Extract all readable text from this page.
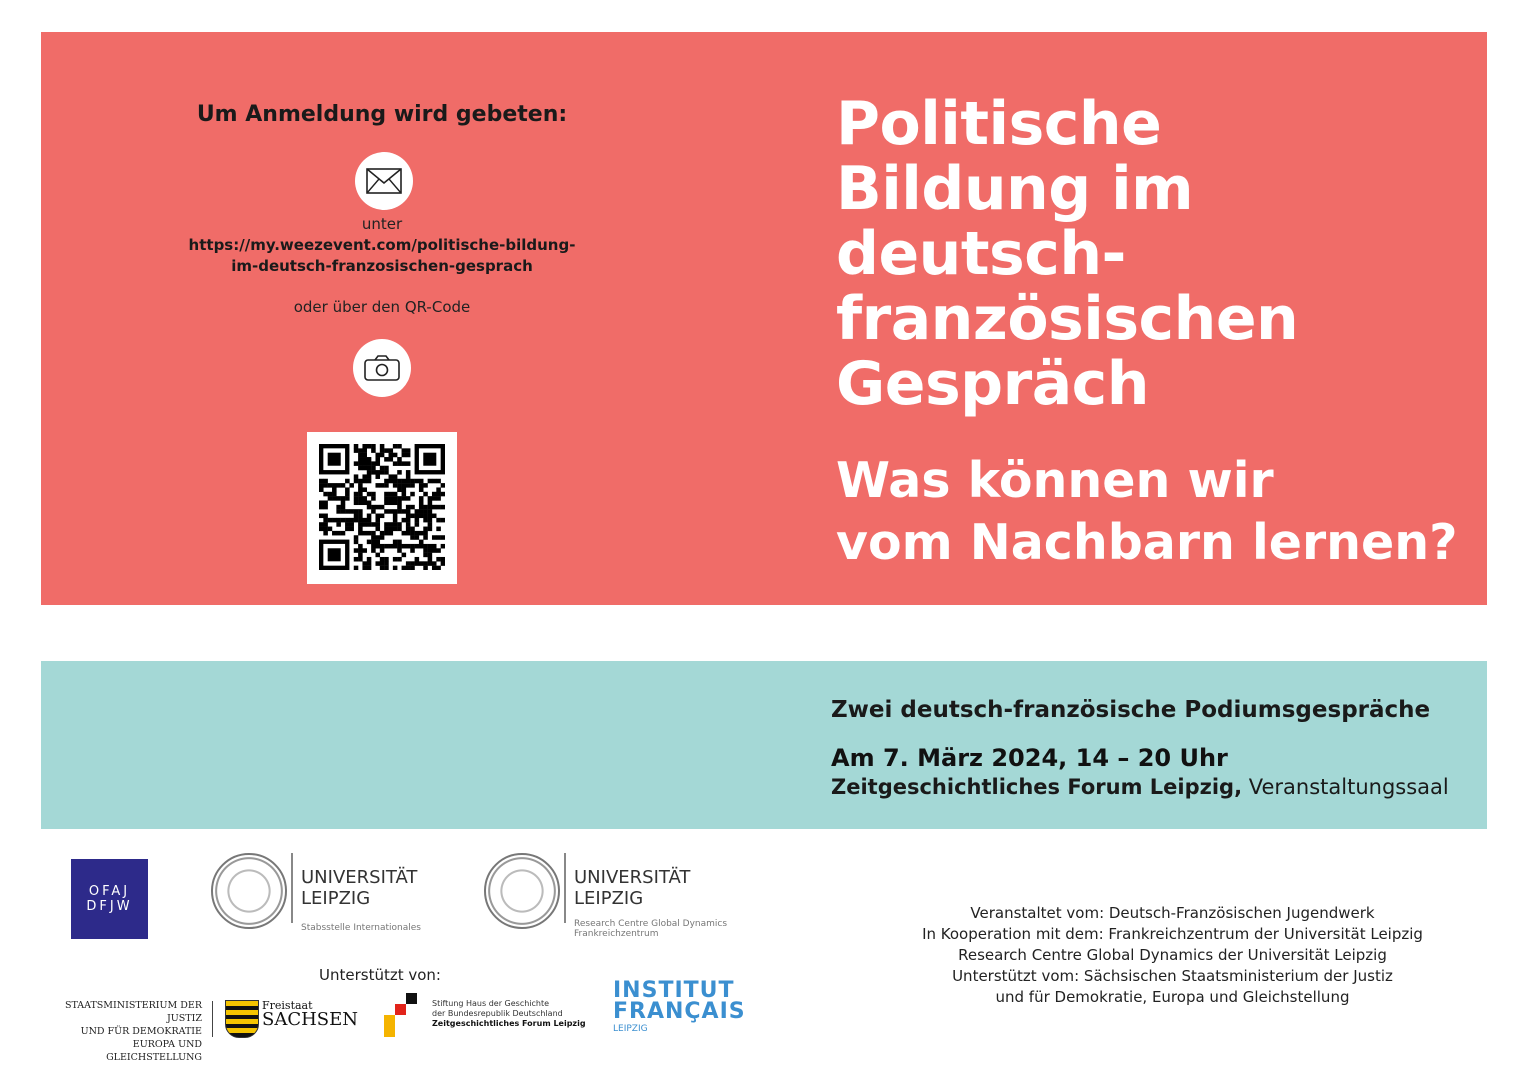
Um Anmeldung wird gebeten:
unter
https://my.weezevent.com/politische-bildung-
im-deutsch-franzosischen-gesprach
oder über den QR-Code
Politische
Bildung im
deutsch-
französischen
Gespräch
Was können wir
vom Nachbarn lernen?
Zwei deutsch-französische Podiumsgespräche
Am 7. März 2024, 14 – 20 Uhr
Zeitgeschichtliches Forum Leipzig, Veranstaltungssaal
OFAJ
DFJW
UNIVERSITÄT
LEIPZIG
Stabsstelle Internationales
UNIVERSITÄT
LEIPZIG
Research Centre Global Dynamics
Frankreichzentrum
Unterstützt von:
STAATSMINISTERIUM DER JUSTIZ
UND FÜR DEMOKRATIE
EUROPA UND GLEICHSTELLUNG
Freistaat
SACHSEN
Stiftung Haus der Geschichte
der Bundesrepublik Deutschland
Zeitgeschichtliches Forum Leipzig
INSTITUT
FRANÇAIS
LEIPZIG
Veranstaltet vom: Deutsch-Französischen Jugendwerk
In Kooperation mit dem: Frankreichzentrum der Universität Leipzig
Research Centre Global Dynamics der Universität Leipzig
Unterstützt vom: Sächsischen Staatsministerium der Justiz
und für Demokratie, Europa und Gleichstellung
